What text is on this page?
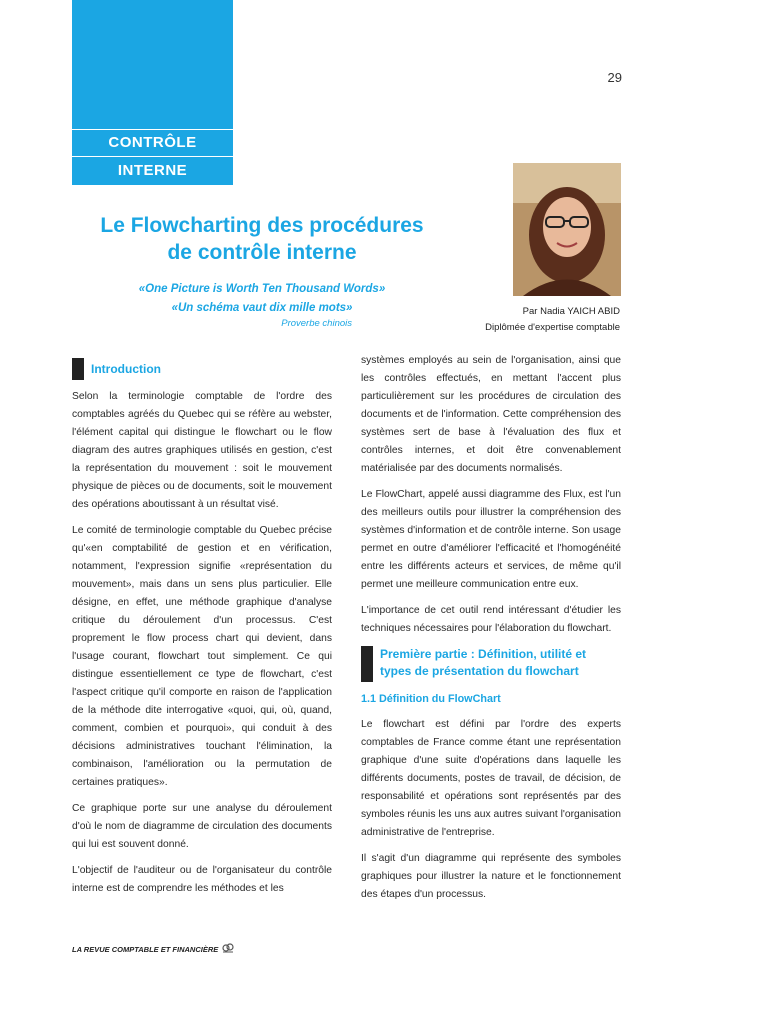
CONTRÔLE
INTERNE
29
Par Nadia YAICH ABID
Diplômée d'expertise comptable
Le Flowcharting des procédures
de contrôle interne
«One Picture is Worth Ten Thousand Words»
«Un schéma vaut dix mille mots»
Proverbe chinois
Introduction

Selon la terminologie comptable de l'ordre des comptables agréés du Quebec qui se réfère au webster, l'élément capital qui distingue le flowchart ou le flow diagram des autres graphiques utilisés en gestion, c'est la représentation du mouvement : soit le mouvement physique de pièces ou de documents, soit le mouvement des opérations aboutissant à un résultat visé.

Le comité de terminologie comptable du Quebec précise qu'«en comptabilité de gestion et en vérification, notamment, l'expression signifie «représentation du mouvement», mais dans un sens plus particulier. Elle désigne, en effet, une méthode graphique d'analyse critique du déroulement d'un processus. C'est proprement le flow process chart qui devient, dans l'usage courant, flowchart tout simplement. Ce qui distingue essentiellement ce type de flowchart, c'est l'aspect critique qu'il comporte en raison de l'application de la méthode dite interrogative «quoi, qui, où, quand, comment, combien et pourquoi», qui conduit à des décisions administratives touchant l'élimination, la combinaison, l'amélioration ou la permutation de certaines pratiques».

Ce graphique porte sur une analyse du déroulement d'où le nom de diagramme de circulation des documents qui lui est souvent donné.

L'objectif de l'auditeur ou de l'organisateur du contrôle interne est de comprendre les méthodes et les

systèmes employés au sein de l'organisation, ainsi que les contrôles effectués, en mettant l'accent plus particulièrement sur les procédures de circulation des documents et de l'information. Cette compréhension des systèmes sert de base à l'évaluation des flux et contrôles internes, et doit être convenablement matérialisée par des documents normalisés.

Le FlowChart, appelé aussi diagramme des Flux, est l'un des meilleurs outils pour illustrer la compréhension des systèmes d'information et de contrôle interne. Son usage permet en outre d'améliorer l'efficacité et l'homogénéité entre les différents acteurs et services, de même qu'il permet une meilleure communication entre eux.

L'importance de cet outil rend intéressant d'étudier les techniques nécessaires pour l'élaboration du flowchart.

Première partie : Définition, utilité et
types de présentation du flowchart
1.1 Définition du FlowChart

Le flowchart est défini par l'ordre des experts comptables de France comme étant une représentation graphique d'une suite d'opérations dans laquelle les différents documents, postes de travail, de décision, de responsabilité et opérations sont représentés par des symboles réunis les uns aux autres suivant l'organisation administrative de l'entreprise.

Il s'agit d'un diagramme qui représente des symboles graphiques pour illustrer la nature et le fonctionnement des étapes d'un processus.

LA REVUE COMPTABLE ET FINANCIÈRE
